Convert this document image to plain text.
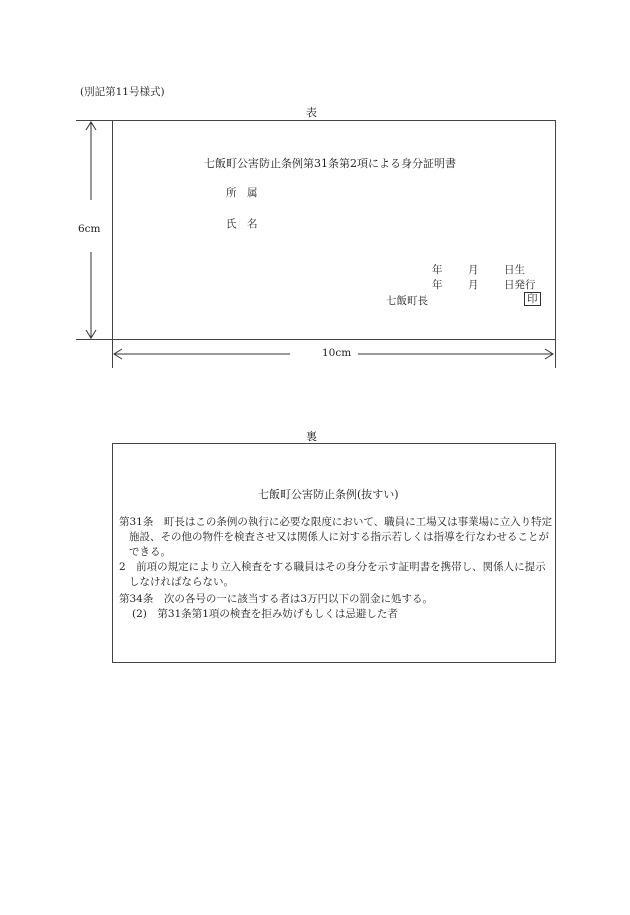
(別記第11号様式)
表
6cm
10cm
七飯町公害防止条例第31条第2項による身分証明書
所　属
氏　名
年 月 日生
年 月 日発行
七飯町長	印
裏
七飯町公害防止条例(抜すい)
第31条　町長はこの条例の執行に必要な限度において、職員に工場又は事業場に立入り特定施設、その他の物件を検査させ又は関係人に対する指示若しくは指導を行なわせることができる。
2　前項の規定により立入検査をする職員はその身分を示す証明書を携帯し、関係人に提示しなければならない。
第34条　次の各号の一に該当する者は3万円以下の罰金に処する。
(2)　第31条第1項の検査を拒み妨げもしくは忌避した者
